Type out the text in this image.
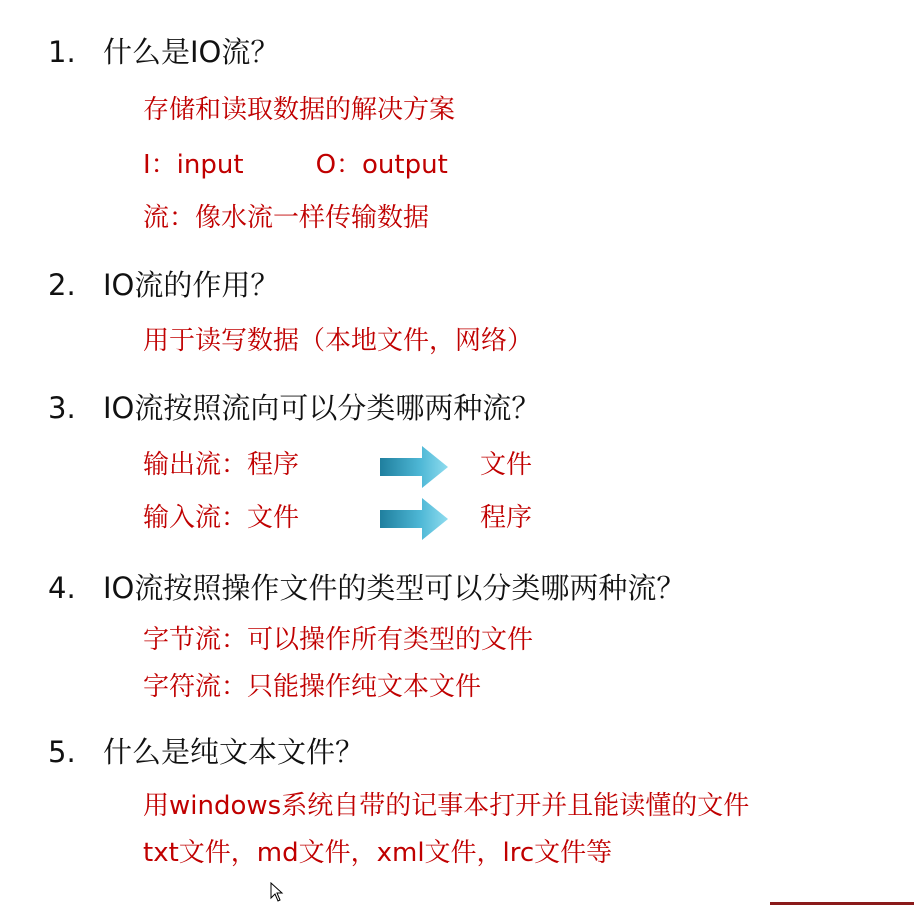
1. 什么是IO流？
存储和读取数据的解决方案
I：input	O：output
流：像水流一样传输数据
2. IO流的作用？
用于读写数据（本地文件，网络）
3. IO流按照流向可以分类哪两种流？
输出流：程序	文件
输入流：文件	程序
4. IO流按照操作文件的类型可以分类哪两种流？
字节流：可以操作所有类型的文件
字符流：只能操作纯文本文件
5. 什么是纯文本文件？
用windows系统自带的记事本打开并且能读懂的文件
txt文件，md文件，xml文件，lrc文件等
